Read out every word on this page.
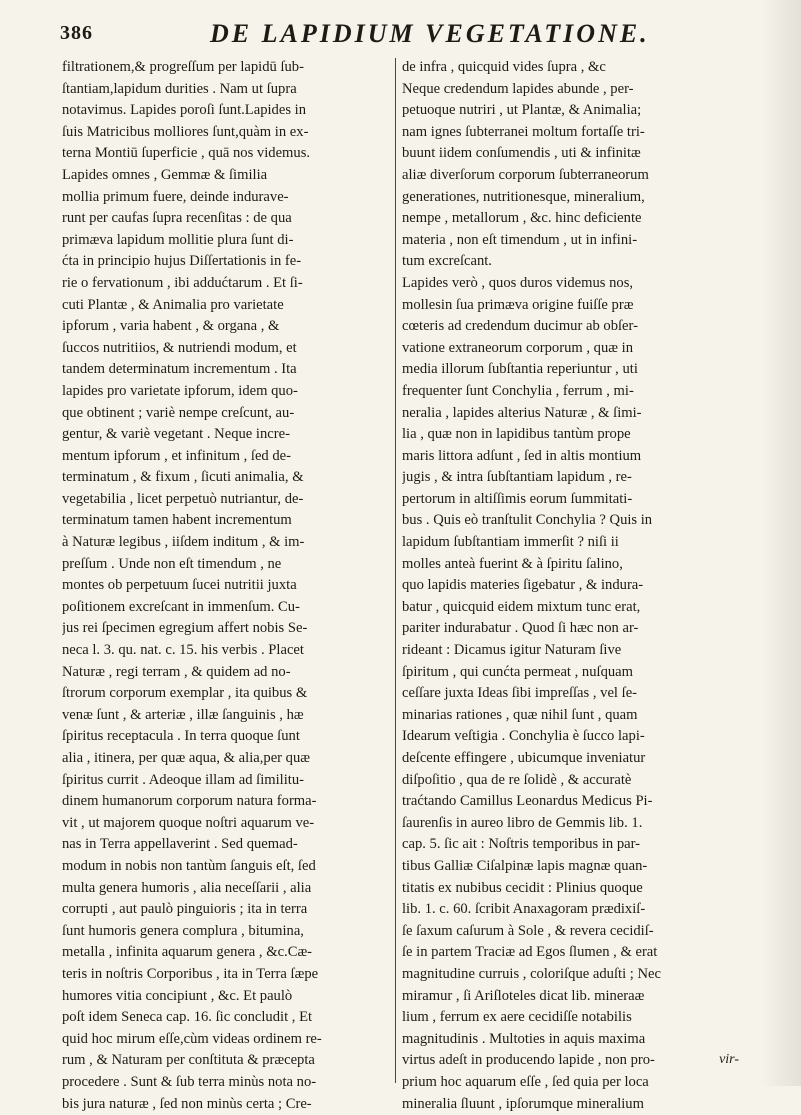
386	DE LAPIDIUM VEGETATIONE.
filtrationem,& progreſſum per lapidū ſub-
ſtantiam,lapidum durities . Nam ut ſupra
notavimus. Lapides poroſi ſunt.Lapides in
ſuis Matricibus molliores ſunt,quàm in ex-
terna Montiū ſuperficie , quā nos videmus.
Lapides omnes , Gemmæ & ſimilia
mollia primum fuere, deinde indurave-
runt per caufas ſupra recenſitas : de qua
primæva lapidum mollitie plura ſunt di-
ćta in principio hujus Diſſertationis in fe-
rie o fervationum , ibi addućtarum . Et ſi-
cuti Plantæ , & Animalia pro varietate
ipforum , varia habent , & organa , &
ſuccos nutritiios, & nutriendi modum, et
tandem determinatum incrementum . Ita
lapides pro varietate ipforum, idem quo-
que obtinent ; variè nempe creſcunt, au-
gentur, & variè vegetant . Neque incre-
mentum ipforum , et infinitum , ſed de-
terminatum , & fixum , ſicuti animalia, &
vegetabilia , licet perpetuò nutriantur, de-
terminatum tamen habent incrementum
à Naturæ legibus , iiſdem inditum , & im-
preſſum . Unde non eſt timendum , ne
montes ob perpetuum ſucei nutritii juxta
poſitionem excreſcant in immenſum. Cu-
jus rei ſpecimen egregium affert nobis Se-
neca l. 3. qu. nat. c. 15. his verbis . Placet
Naturæ , regi terram , & quidem ad no-
ſtrorum corporum exemplar , ita quibus &
venæ ſunt , & arteriæ , illæ ſanguinis , hæ
ſpiritus receptacula . In terra quoque ſunt
alia , itinera, per quæ aqua, & alia,per quæ
ſpiritus currit . Adeoque illam ad ſimilitu-
dinem humanorum corporum natura forma-
vit , ut majorem quoque noſtri aquarum ve-
nas in Terra appellaverint . Sed quemad-
modum in nobis non tantùm ſanguis eſt, ſed
multa genera humoris , alia neceſſarii , alia
corrupti , aut paulò pinguioris ; ita in terra
ſunt humoris genera complura , bitumina,
metalla , infinita aquarum genera , &c.Cæ-
teris in noſtris Corporibus , ita in Terra ſæpe
humores vitia concipiunt , &c. Et paulò
poſt idem Seneca cap. 16. ſic concludit , Et
quid hoc mirum eſſe,cùm videas ordinem re-
rum , & Naturam per conſtituta & præcepta
procedere . Sunt & ſub terra minùs nota no-
bis jura naturæ , ſed non minùs certa ; Cre-
de infra , quicquid vides ſupra , &c
Neque credendum lapides abunde , per-
petuoque nutriri , ut Plantæ, & Animalia;
nam ignes ſubterranei moltum fortaſſe tri-
buunt iidem conſumendis , uti & infinitæ
aliæ diverſorum corporum ſubterraneorum
generationes, nutritionesque, mineralium,
nempe , metallorum , &c. hinc deficiente
materia , non eſt timendum , ut in infini-
tum excreſcant.
Lapides verò , quos duros videmus nos,
mollesin ſua primæva origine fuiſſe præ
cœteris ad credendum ducimur ab obſer-
vatione extraneorum corporum , quæ in
media illorum ſubſtantia reperiuntur , uti
frequenter ſunt Conchylia , ferrum , mi-
neralia , lapides alterius Naturæ , & ſimi-
lia , quæ non in lapidibus tantùm prope
maris littora adſunt , ſed in altis montium
jugis , & intra ſubſtantiam lapidum , re-
pertorum in altiſſimis eorum ſummitati-
bus . Quis eò tranſtulit Conchylia ? Quis in
lapidum ſubſtantiam immerſit ? niſi ii
molles anteà fuerint & à ſpiritu ſalino,
quo lapidis materies ſigebatur , & indura-
batur , quicquid eidem mixtum tunc erat,
pariter indurabatur . Quod ſi hæc non ar-
rideant : Dicamus igitur Naturam ſive
ſpiritum , qui cunćta permeat , nuſquam
ceſſare juxta Ideas ſibi impreſſas , vel ſe-
minarias rationes , quæ nihil ſunt , quam
Idearum veſtigia . Conchylia è ſucco lapi-
deſcente effingere , ubicumque inveniatur
diſpoſitio , qua de re ſolidè , & accuratè
traćtando Camillus Leonardus Medicus Pi-
ſaurenſis in aureo libro de Gemmis lib. 1.
cap. 5. ſic ait : Noſtris temporibus in par-
tibus Galliæ Ciſalpinæ lapis magnæ quan-
titatis ex nubibus cecidit : Plinius quoque
lib. 1. c. 60. ſcribit Anaxagoram prædixiſ-
ſe ſaxum caſurum à Sole , & revera cecidiſ-
ſe in partem Traciæ ad Egos ſlumen , & erat
magnitudine curruis , coloriſque aduſti ; Nec
miramur , ſi Ariſloteles dicat lib. mineraæ
lium , ferrum ex aere cecidiſſe notabilis
magnitudinis . Multoties in aquis maxima
virtus adeſt in producendo lapide , non pro-
prium hoc aquarum eſſe , ſed quia per loca
mineralia ſluunt , ipſorumque mineralium
vir-
